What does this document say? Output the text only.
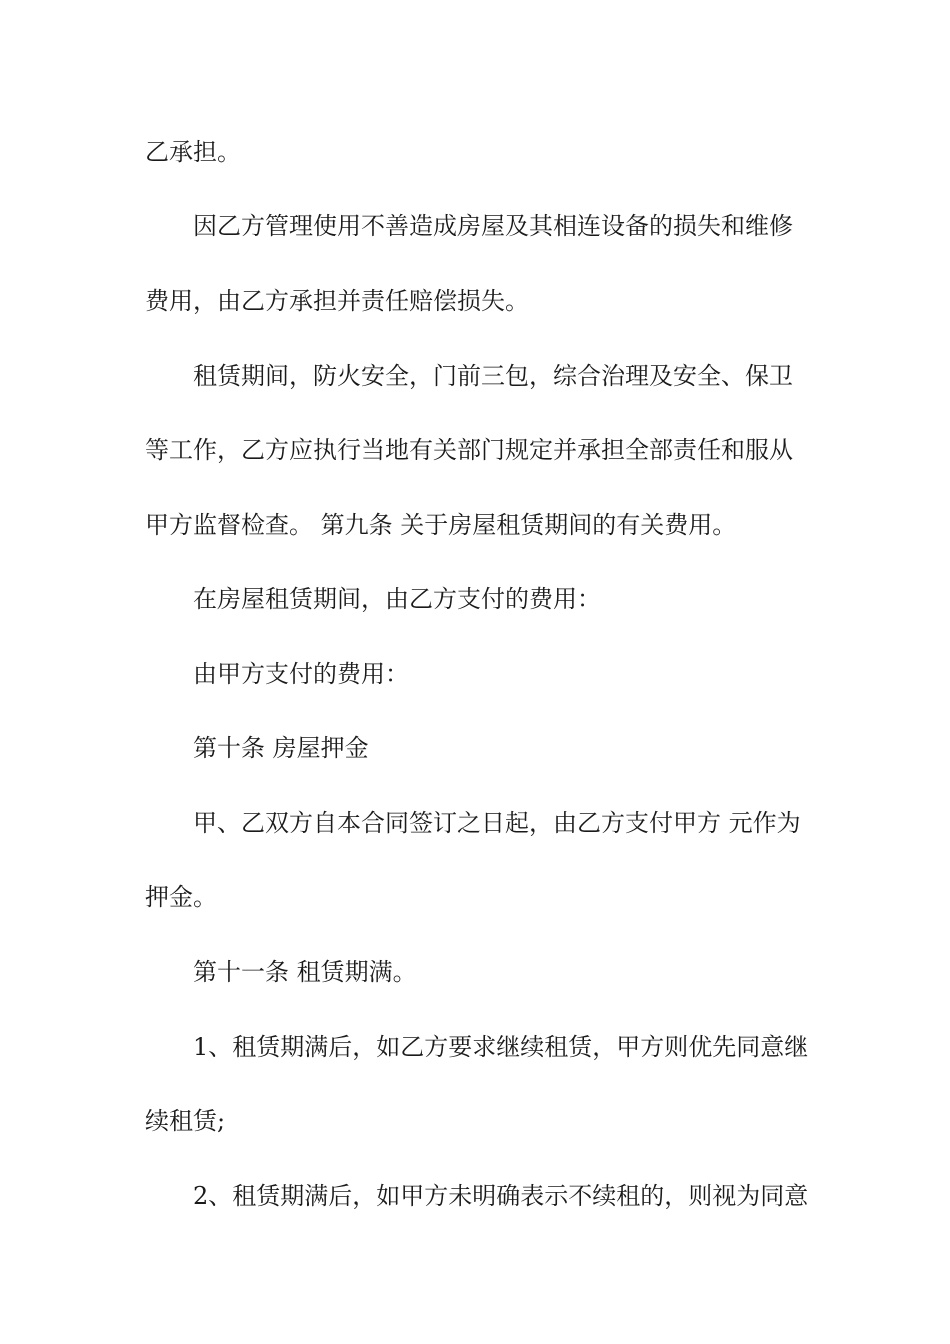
乙承担。

因乙方管理使用不善造成房屋及其相连设备的损失和维修

费用，由乙方承担并责任赔偿损失。

租赁期间，防火安全，门前三包，综合治理及安全、保卫

等工作，乙方应执行当地有关部门规定并承担全部责任和服从

甲方监督检查。 第九条 关于房屋租赁期间的有关费用。

在房屋租赁期间，由乙方支付的费用：

由甲方支付的费用：

第十条 房屋押金

甲、乙双方自本合同签订之日起，由乙方支付甲方 元作为

押金。

第十一条 租赁期满。

1、租赁期满后，如乙方要求继续租赁，甲方则优先同意继

续租赁;

2、租赁期满后，如甲方未明确表示不续租的，则视为同意
